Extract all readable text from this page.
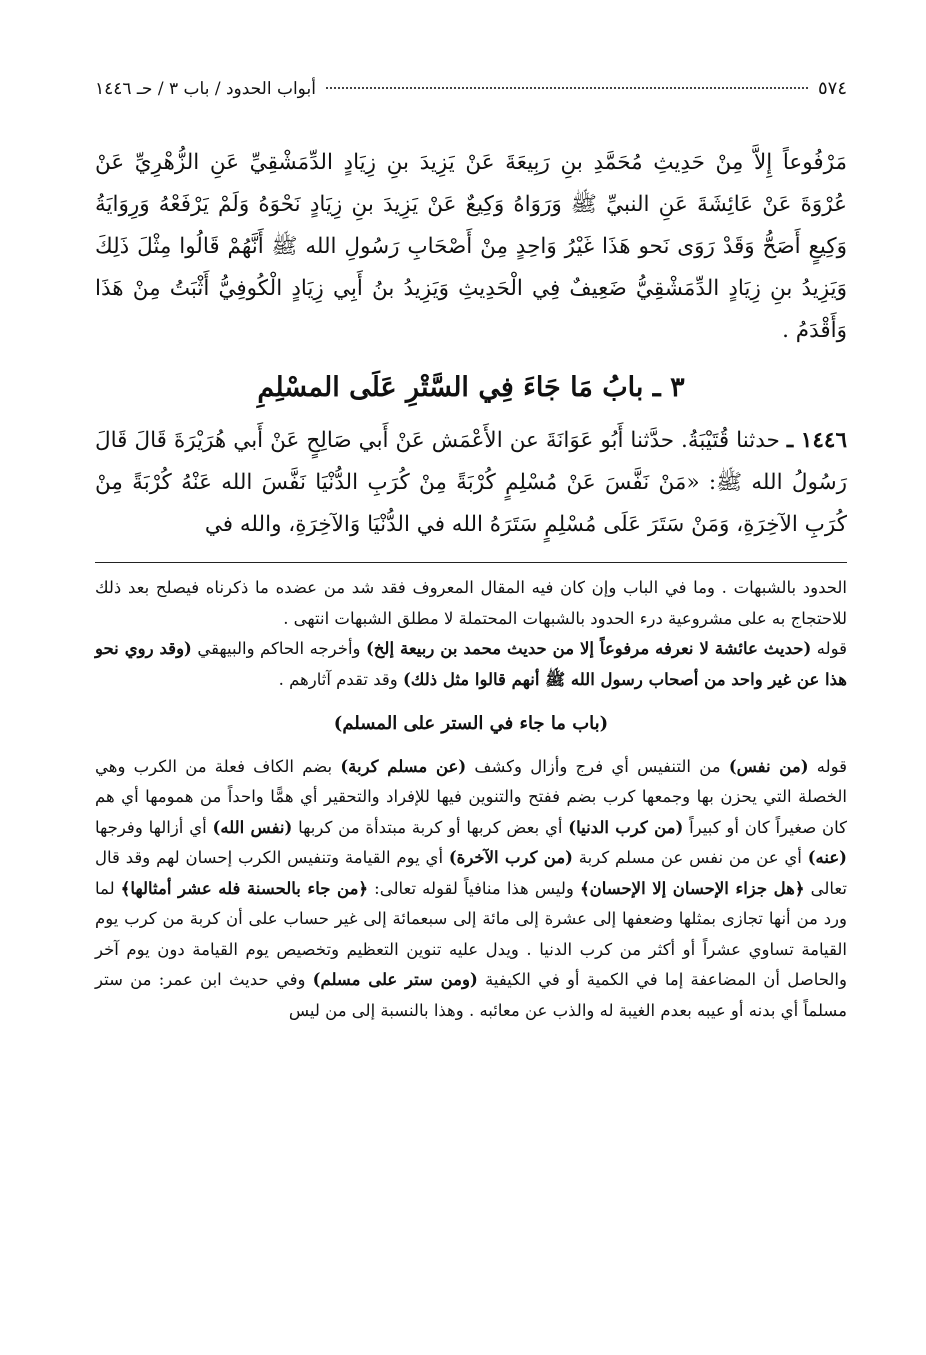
٥٧٤
أبواب الحدود / باب ٣ / حـ ١٤٤٦

مَرْفُوعاً إِلاَّ مِنْ حَدِيثِ مُحَمَّدِ بنِ رَبِيعَةَ عَنْ يَزِيدَ بنِ زِيَادٍ الدِّمَشْقِيِّ عَنِ الزُّهْرِيِّ عَنْ عُرْوَةَ عَنْ عَائِشَةَ عَنِ النبيِّ ﷺ وَرَوَاهُ وَكِيعٌ عَنْ يَزِيدَ بنِ زِيَادٍ نَحْوَهُ وَلَمْ يَرْفَعْهُ وَرِوَايَةُ وَكِيعٍ أَصَحُّ وَقَدْ رَوَى نَحو هَذَا غَيْرُ وَاحِدٍ مِنْ أَصْحَابِ رَسُولِ الله ﷺ أَنَّهُمْ قَالُوا مِثْلَ ذَلِكَ وَيَزِيدُ بنِ زِيَادٍ الدِّمَشْقِيُّ ضَعِيفٌ فِي الْحَدِيثِ وَيَزِيدُ بنُ أَبِي زِيَادٍ الْكُوفِيُّ أَثْبَتُ مِنْ هَذَا وَأَقْدَمُ .

٣ ـ بابُ مَا جَاءَ فِي السَّتْرِ عَلَى المسْلِمِ

١٤٤٦ ـ حدثنا قُتَيْبَةُ. حدَّثنا أَبُو عَوَانَةَ عن الأَعْمَش عَنْ أَبي صَالِحٍ عَنْ أَبي هُرَيْرَةَ قَالَ قَالَ رَسُولُ الله ﷺ: «مَنْ نَفَّسَ عَنْ مُسْلِمٍ كُرْبَةً مِنْ كُرَبِ الدُّنْيَا نَفَّسَ الله عَنْهُ كُرْبَةً مِنْ كُرَبِ الآخِرَةِ، وَمَنْ سَتَرَ عَلَى مُسْلِمٍ سَتَرَهُ الله في الدُّنْيَا وَالآخِرَةِ، والله في

الحدود بالشبهات . وما في الباب وإن كان فيه المقال المعروف فقد شد من عضده ما ذكرناه فيصلح بعد ذلك للاحتجاج به على مشروعية درء الحدود بالشبهات المحتملة لا مطلق الشبهات انتهى .

قوله (حديث عائشة لا نعرفه مرفوعاً إلا من حديث محمد بن ربيعة إلخ) وأخرجه الحاكم والبيهقي (وقد روي نحو هذا عن غير واحد من أصحاب رسول الله ﷺ أنهم قالوا مثل ذلك) وقد تقدم آثارهم .

(باب ما جاء في الستر على المسلم)

قوله (من نفس) من التنفيس أي فرج وأزال وكشف (عن مسلم كربة) بضم الكاف فعلة من الكرب وهي الخصلة التي يحزن بها وجمعها كرب بضم ففتح والتنوين فيها للإفراد والتحقير أي همًّا واحداً من همومها أي هم كان صغيراً كان أو كبيراً (من كرب الدنيا) أي بعض كربها أو كربة مبتدأة من كربها (نفس الله) أي أزالها وفرجها (عنه) أي عن من نفس عن مسلم كربة (من كرب الآخرة) أي يوم القيامة وتنفيس الكرب إحسان لهم وقد قال تعالى ﴿هل جزاء الإحسان إلا الإحسان﴾ وليس هذا منافياً لقوله تعالى: ﴿من جاء بالحسنة فله عشر أمثالها﴾ لما ورد من أنها تجازى بمثلها وضعفها إلى عشرة إلى مائة إلى سبعمائة إلى غير حساب على أن كربة من كرب يوم القيامة تساوي عشراً أو أكثر من كرب الدنيا . ويدل عليه تنوين التعظيم وتخصيص يوم القيامة دون يوم آخر والحاصل أن المضاعفة إما في الكمية أو في الكيفية (ومن ستر على مسلم) وفي حديث ابن عمر: من ستر مسلماً أي بدنه أو عيبه بعدم الغيبة له والذب عن معائبه . وهذا بالنسبة إلى من ليس
